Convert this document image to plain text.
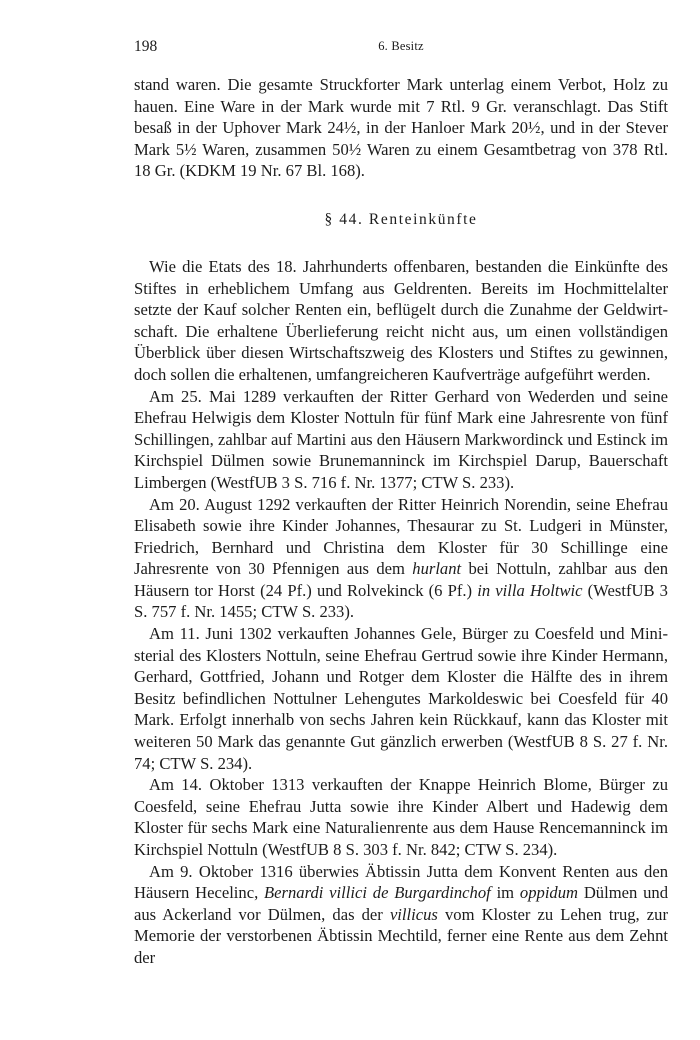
198	6. Besitz

stand waren. Die gesamte Struckforter Mark unterlag einem Verbot, Holz zu hauen. Eine Ware in der Mark wurde mit 7 Rtl. 9 Gr. veranschlagt. Das Stift besaß in der Uphover Mark 24½, in der Hanloer Mark 20½, und in der Stever Mark 5½ Waren, zusammen 50½ Waren zu einem Gesamtbetrag von 378 Rtl. 18 Gr. (KDKM 19 Nr. 67 Bl. 168).

§ 44. Renteinkünfte

Wie die Etats des 18. Jahrhunderts offenbaren, bestanden die Einkünfte des Stiftes in erheblichem Umfang aus Geldrenten. Bereits im Hochmittelalter setzte der Kauf solcher Renten ein, beflügelt durch die Zunahme der Geldwirtschaft. Die erhaltene Überlieferung reicht nicht aus, um einen vollständigen Überblick über diesen Wirtschaftszweig des Klosters und Stiftes zu gewinnen, doch sollen die erhaltenen, umfangreicheren Kaufverträge aufgeführt werden.

Am 25. Mai 1289 verkauften der Ritter Gerhard von Wederden und seine Ehefrau Helwigis dem Kloster Nottuln für fünf Mark eine Jahresrente von fünf Schillingen, zahlbar auf Martini aus den Häusern Markwordinck und Estinck im Kirchspiel Dülmen sowie Brunemanninck im Kirchspiel Darup, Bauerschaft Limbergen (WestfUB 3 S. 716 f. Nr. 1377; CTW S. 233).

Am 20. August 1292 verkauften der Ritter Heinrich Norendin, seine Ehefrau Elisabeth sowie ihre Kinder Johannes, Thesaurar zu St. Ludgeri in Münster, Friedrich, Bernhard und Christina dem Kloster für 30 Schillinge eine Jahresrente von 30 Pfennigen aus dem hurlant bei Nottuln, zahlbar aus den Häusern tor Horst (24 Pf.) und Rolvekinck (6 Pf.) in villa Holtwic (WestfUB 3 S. 757 f. Nr. 1455; CTW S. 233).

Am 11. Juni 1302 verkauften Johannes Gele, Bürger zu Coesfeld und Ministerial des Klosters Nottuln, seine Ehefrau Gertrud sowie ihre Kinder Hermann, Gerhard, Gottfried, Johann und Rotger dem Kloster die Hälfte des in ihrem Besitz befindlichen Nottulner Lehengutes Markoldeswic bei Coesfeld für 40 Mark. Erfolgt innerhalb von sechs Jahren kein Rückkauf, kann das Kloster mit weiteren 50 Mark das genannte Gut gänzlich erwerben (WestfUB 8 S. 27 f. Nr. 74; CTW S. 234).

Am 14. Oktober 1313 verkauften der Knappe Heinrich Blome, Bürger zu Coesfeld, seine Ehefrau Jutta sowie ihre Kinder Albert und Hadewig dem Kloster für sechs Mark eine Naturalienrente aus dem Hause Rencemanninck im Kirchspiel Nottuln (WestfUB 8 S. 303 f. Nr. 842; CTW S. 234).

Am 9. Oktober 1316 überwies Äbtissin Jutta dem Konvent Renten aus den Häusern Hecelinc, Bernardi villici de Burgardinchof im oppidum Dülmen und aus Ackerland vor Dülmen, das der villicus vom Kloster zu Lehen trug, zur Memorie der verstorbenen Äbtissin Mechtild, ferner eine Rente aus dem Zehnt der
